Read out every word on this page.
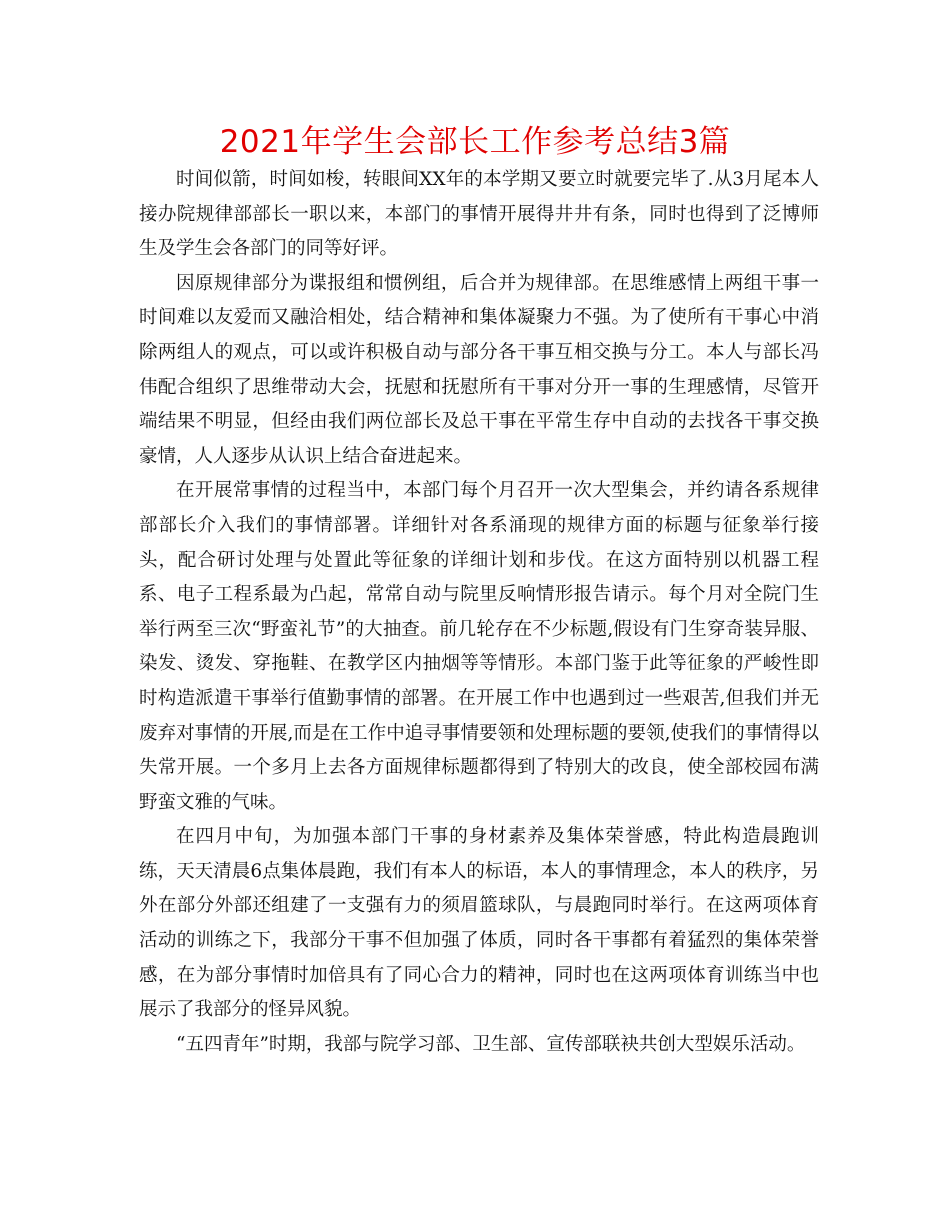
2021年学生会部长工作参考总结3篇

时间似箭，时间如梭，转眼间XX年的本学期又要立时就要完毕了.从3月尾本人接办院规律部部长一职以来，本部门的事情开展得井井有条，同时也得到了泛博师生及学生会各部门的同等好评。

因原规律部分为谍报组和惯例组，后合并为规律部。在思维感情上两组干事一时间难以友爱而又融洽相处，结合精神和集体凝聚力不强。为了使所有干事心中消除两组人的观点，可以或许积极自动与部分各干事互相交换与分工。本人与部长冯伟配合组织了思维带动大会，抚慰和抚慰所有干事对分开一事的生理感情，尽管开端结果不明显，但经由我们两位部长及总干事在平常生存中自动的去找各干事交换豪情，人人逐步从认识上结合奋进起来。

在开展常事情的过程当中，本部门每个月召开一次大型集会，并约请各系规律部部长介入我们的事情部署。详细针对各系涌现的规律方面的标题与征象举行接头，配合研讨处理与处置此等征象的详细计划和步伐。在这方面特别以机器工程系、电子工程系最为凸起，常常自动与院里反响情形报告请示。每个月对全院门生举行两至三次“野蛮礼节”的大抽查。前几轮存在不少标题,假设有门生穿奇装异服、染发、烫发、穿拖鞋、在教学区内抽烟等等情形。本部门鉴于此等征象的严峻性即时构造派遣干事举行值勤事情的部署。在开展工作中也遇到过一些艰苦,但我们并无废弃对事情的开展,而是在工作中追寻事情要领和处理标题的要领,使我们的事情得以失常开展。一个多月上去各方面规律标题都得到了特别大的改良，使全部校园布满野蛮文雅的气味。

在四月中旬，为加强本部门干事的身材素养及集体荣誉感，特此构造晨跑训练，天天清晨6点集体晨跑，我们有本人的标语，本人的事情理念，本人的秩序，另外在部分外部还组建了一支强有力的须眉篮球队，与晨跑同时举行。在这两项体育活动的训练之下，我部分干事不但加强了体质，同时各干事都有着猛烈的集体荣誉感，在为部分事情时加倍具有了同心合力的精神，同时也在这两项体育训练当中也展示了我部分的怪异风貌。

“五四青年”时期，我部与院学习部、卫生部、宣传部联袂共创大型娱乐活动。
